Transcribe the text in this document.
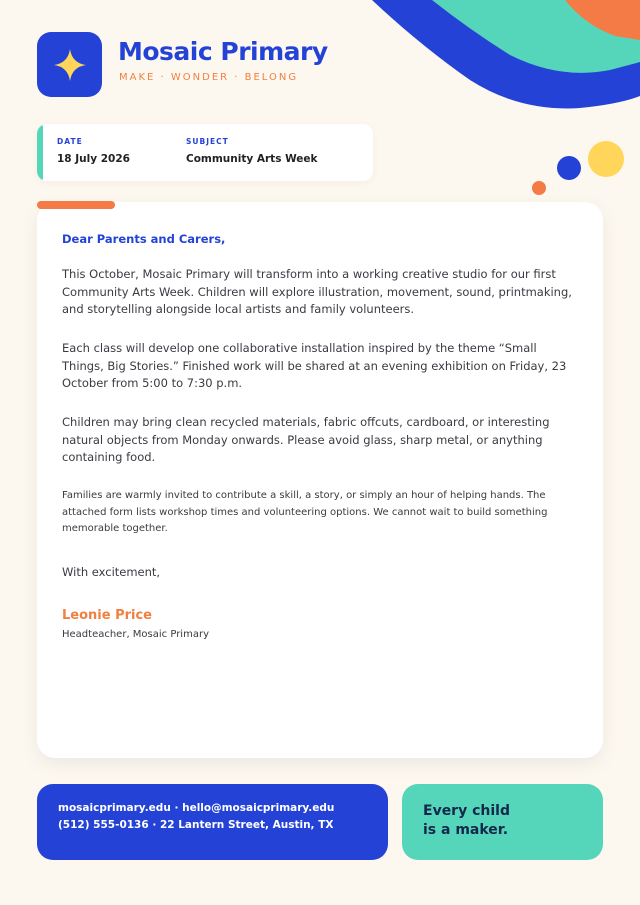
Mosaic Primary
MAKE · WONDER · BELONG
DATE
18 July 2026
SUBJECT
Community Arts Week

Dear Parents and Carers,

This October, Mosaic Primary will transform into a working creative studio for our first Community Arts Week. Children will explore illustration, movement, sound, printmaking, and storytelling alongside local artists and family volunteers.

Each class will develop one collaborative installation inspired by the theme “Small Things, Big Stories.” Finished work will be shared at an evening exhibition on Friday, 23 October from 5:00 to 7:30 p.m.

Children may bring clean recycled materials, fabric offcuts, cardboard, or interesting natural objects from Monday onwards. Please avoid glass, sharp metal, or anything containing food.

Families are warmly invited to contribute a skill, a story, or simply an hour of helping hands. The attached form lists workshop times and volunteering options. We cannot wait to build something memorable together.

With excitement,

Leonie Price

Headteacher, Mosaic Primary

mosaicprimary.edu · hello@mosaicprimary.edu
(512) 555-0136 · 22 Lantern Street, Austin, TX
Every child
is a maker.
